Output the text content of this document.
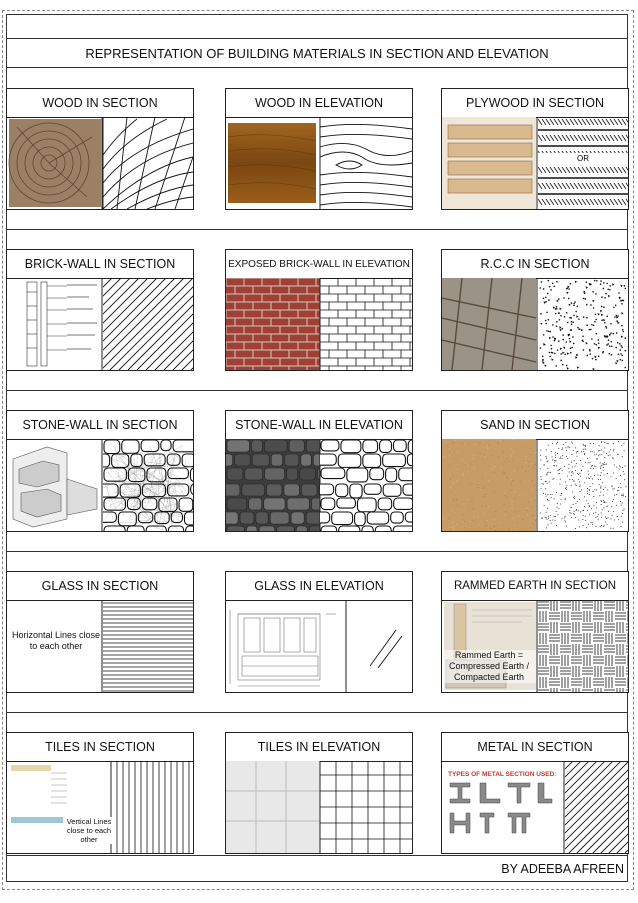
REPRESENTATION OF BUILDING MATERIALS IN SECTION AND ELEVATION
WOOD IN SECTION	WOOD IN ELEVATION	PLYWOOD IN SECTION
OR
BRICK-WALL IN SECTION	EXPOSED BRICK-WALL IN ELEVATION	R.C.C IN SECTION
STONE-WALL IN SECTION	STONE-WALL IN ELEVATION	SAND IN SECTION
GLASS IN SECTION
Horizontal Lines close to each other
GLASS IN ELEVATION	RAMMED EARTH IN SECTION
Rammed Earth = Compressed Earth / Compacted Earth
TILES IN SECTION
Vertical Lines close to each other
TILES IN ELEVATION	METAL IN SECTION
TYPES OF METAL SECTION USED:
BY ADEEBA AFREEN
